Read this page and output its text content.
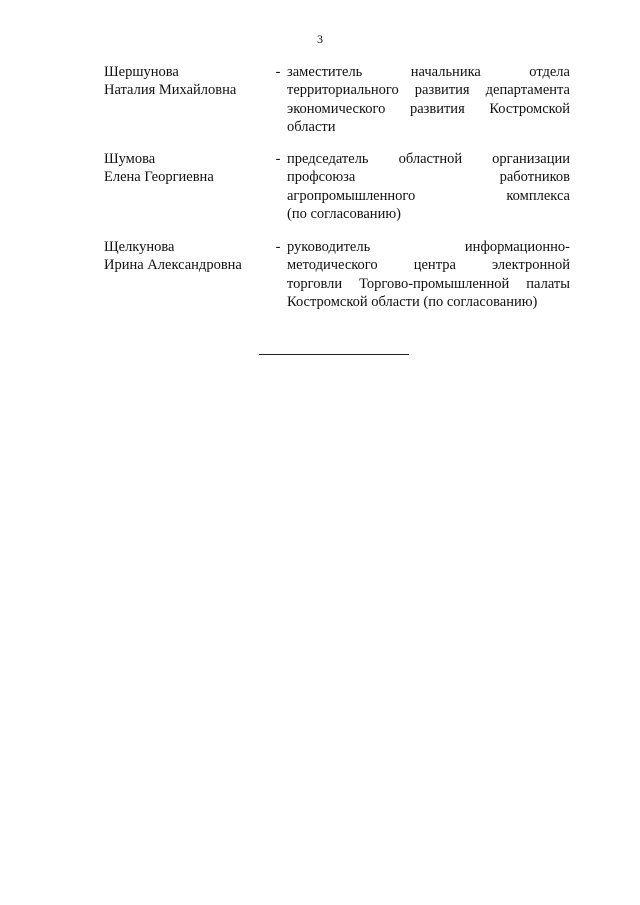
3
Шершунова
Наталия Михайловна
- заместитель	начальника	отдела
территориального развития департамента
экономического развития Костромской
области
Шумова
Елена Георгиевна
- председатель областной организации
профсоюза	работников
агропромышленного	комплекса
(по согласованию)
Щелкунова
Ирина Александровна
- руководитель	информационно-
методического центра электронной
торговли Торгово-промышленной палаты
Костромской области (по согласованию)
